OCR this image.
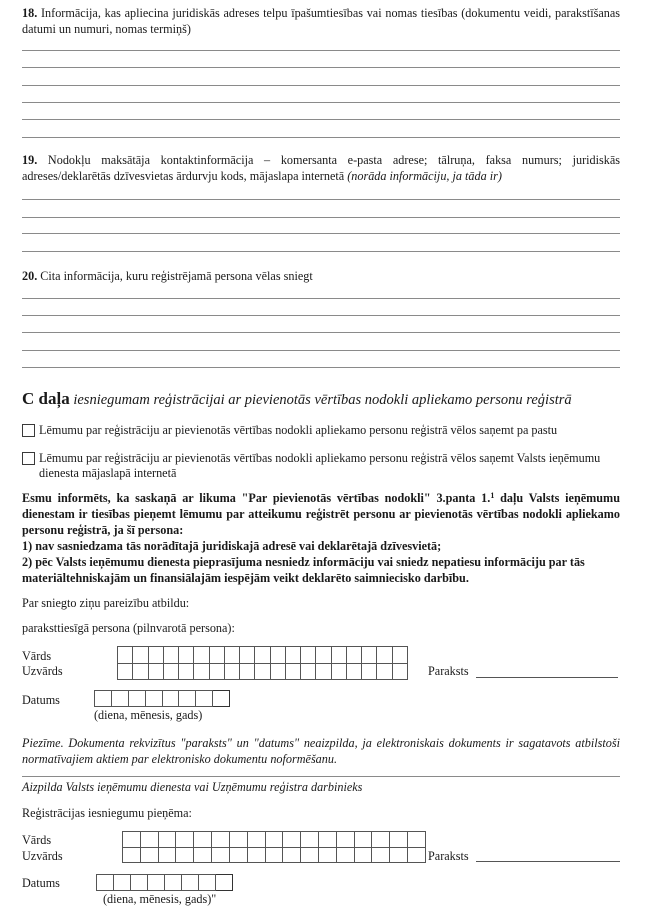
18. Informācija, kas apliecina juridiskās adreses telpu īpašumtiesības vai nomas tiesības (dokumentu veidi, parakstīšanas datumi un numuri, nomas termiņš)
19. Nodokļu maksātāja kontaktinformācija – komersanta e-pasta adrese; tālruņa, faksa numurs; juridiskās adreses/deklarētās dzīvesvietas ārdurvju kods, mājaslapa internetā (norāda informāciju, ja tāda ir)
20. Cita informācija, kuru reģistrējamā persona vēlas sniegt
C daļa iesniegumam reģistrācijai ar pievienotās vērtības nodokli apliekamo personu reģistrā
Lēmumu par reģistrāciju ar pievienotās vērtības nodokli apliekamo personu reģistrā vēlos saņemt pa pastu
Lēmumu par reģistrāciju ar pievienotās vērtības nodokli apliekamo personu reģistrā vēlos saņemt Valsts ieņēmumu dienesta mājaslapā internetā
Esmu informēts, ka saskaņā ar likuma "Par pievienotās vērtības nodokli" 3.panta 1.$^1$ daļu Valsts ieņēmumu dienestam ir tiesības pieņemt lēmumu par atteikumu reģistrēt personu ar pievienotās vērtības nodokli apliekamo personu reģistrā, ja šī persona:
1) nav sasniedzama tās norādītajā juridiskajā adresē vai deklarētajā dzīvesvietā;
2) pēc Valsts ieņēmumu dienesta pieprasījuma nesniedz informāciju vai sniedz nepatiesu informāciju par tās materiāltehniskajām un finansiālajām iespējām veikt deklarēto saimniecisko darbību.
Par sniegto ziņu pareizību atbildu:
paraksttiesīgā persona (pilnvarotā persona):
Vārds
Uzvārds

																			Paraksts
Datums

(diena, mēnesis, gads)
Piezīme. Dokumenta rekvizītus "paraksts" un "datums" neaizpilda, ja elektroniskais dokuments ir sagatavots atbilstoši normatīvajiem aktiem par elektronisko dokumentu noformēšanu.
Aizpilda Valsts ieņēmumu dienesta vai Uzņēmumu reģistra darbinieks
Reģistrācijas iesniegumu pieņēma:
Vārds
Uzvārds

																	Paraksts
Datums

(diena, mēnesis, gads)"
